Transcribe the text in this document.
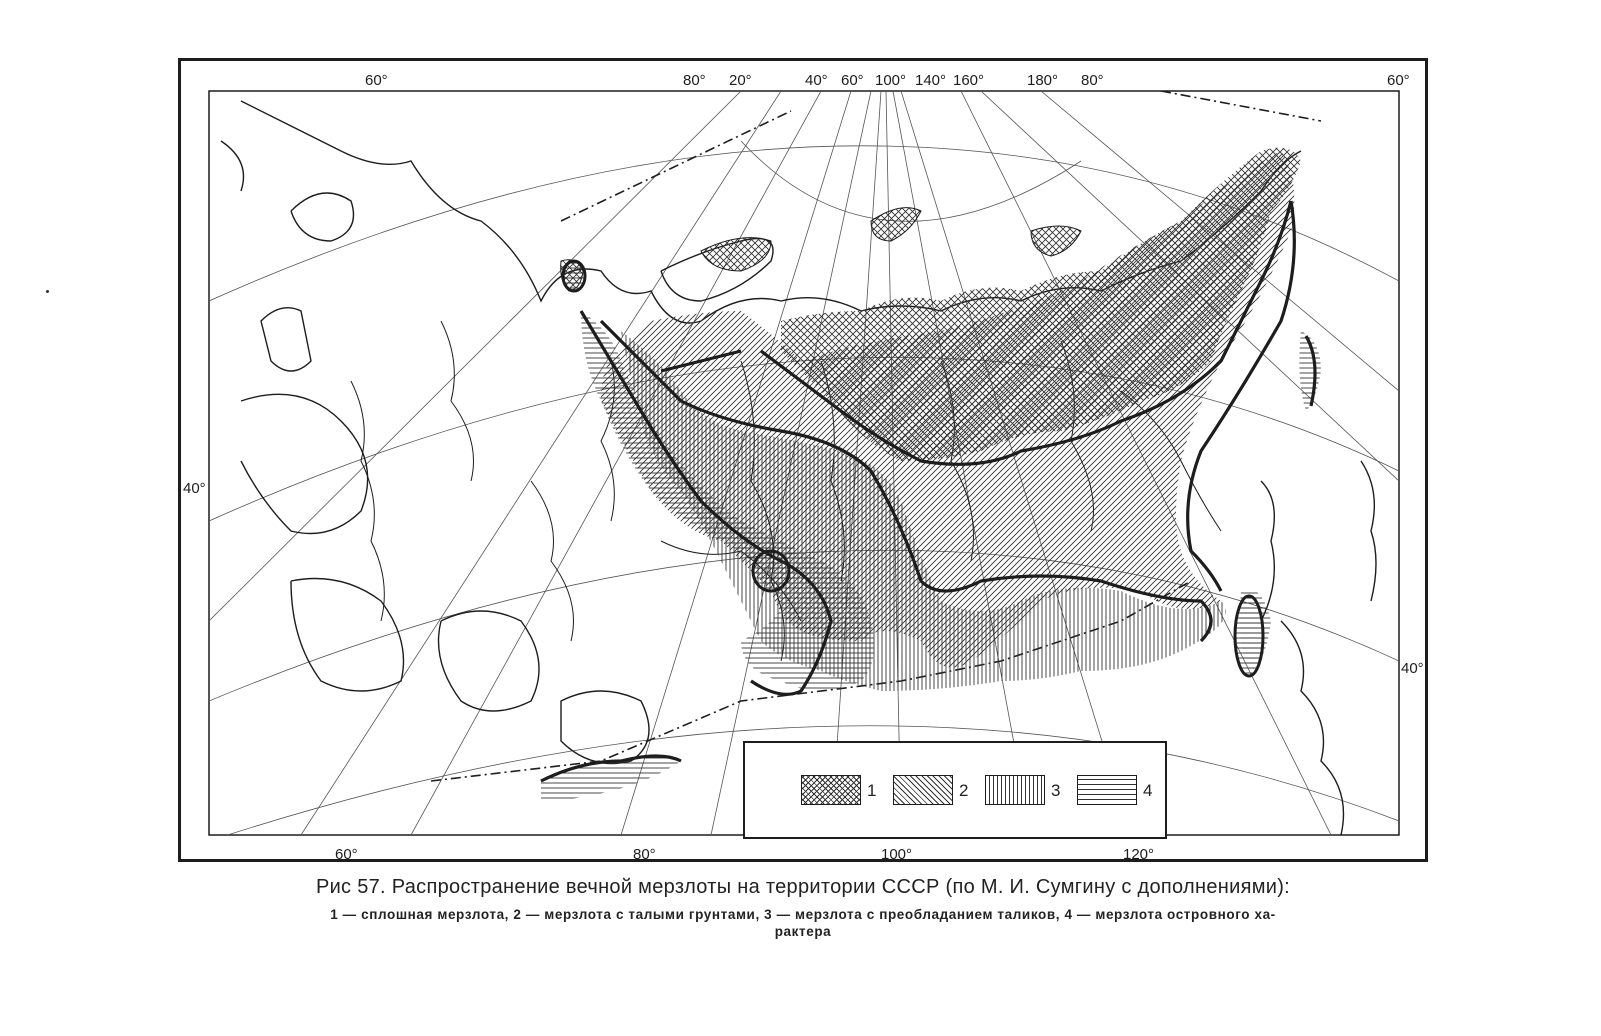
60°	80° 20°	40° 60° 100° 140° 160°	180° 80°	60°
60°	80°	100°	120°
40°
40°
1	2	3	4
Рис 57. Распространение вечной мерзлоты на территории СССР (по М. И. Сумгину с дополнениями):
1 — сплошная мерзлота, 2 — мерзлота с талыми грунтами, 3 — мерзлота с преобладанием таликов, 4 — мерзлота островного ха-
рактера
